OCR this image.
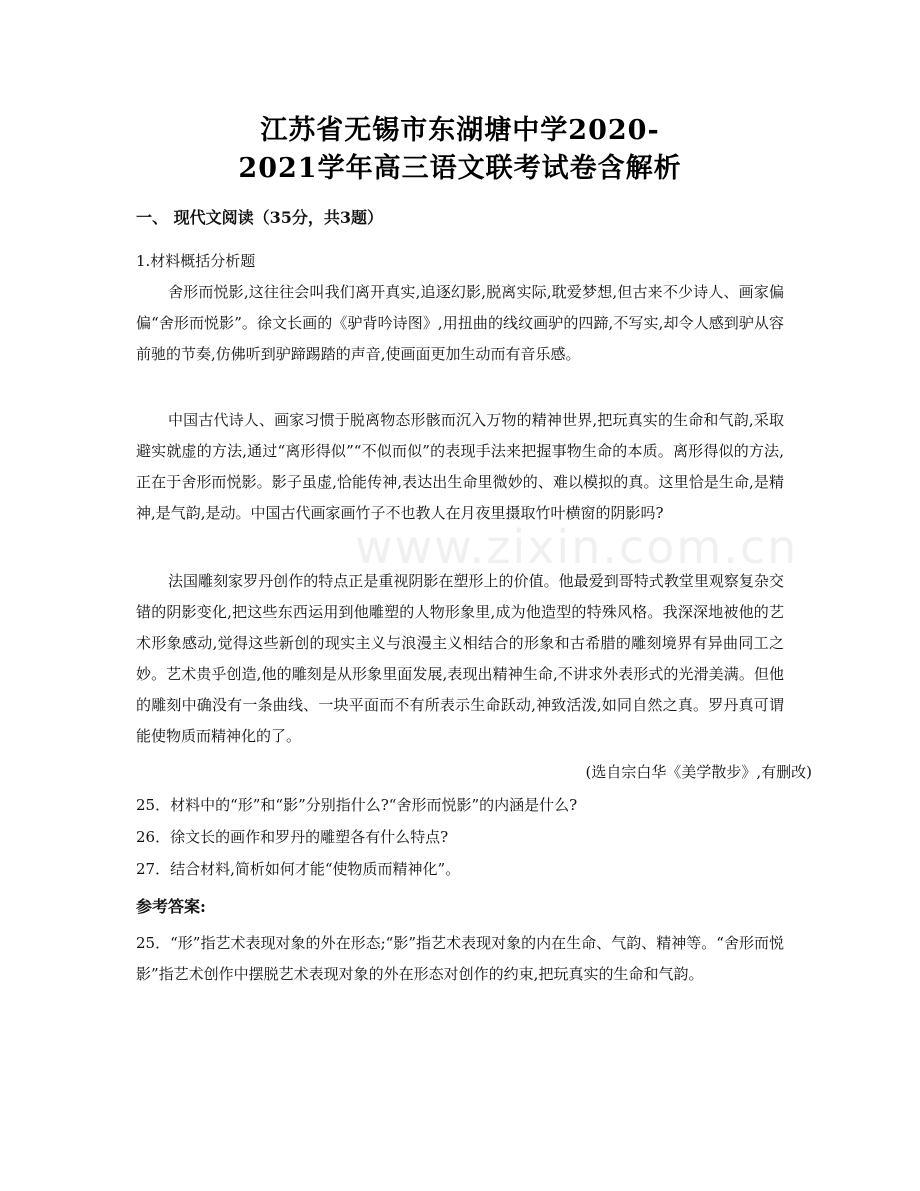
www.zixin.com.cn
江苏省无锡市东湖塘中学2020-
2021学年高三语文联考试卷含解析
一、 现代文阅读（35分，共3题）
1.材料概括分析题

舍形而悦影,这往往会叫我们离开真实,追逐幻影,脱离实际,耽爱梦想,但古来不少诗人、画家偏偏“舍形而悦影”。徐文长画的《驴背吟诗图》,用扭曲的线纹画驴的四蹄,不写实,却令人感到驴从容前驰的节奏,仿佛听到驴蹄踢踏的声音,使画面更加生动而有音乐感。

中国古代诗人、画家习惯于脱离物态形骸而沉入万物的精神世界,把玩真实的生命和气韵,采取避实就虚的方法,通过“离形得似”“不似而似”的表现手法来把握事物生命的本质。离形得似的方法,正在于舍形而悦影。影子虽虚,恰能传神,表达出生命里微妙的、难以模拟的真。这里恰是生命,是精神,是气韵,是动。中国古代画家画竹子不也教人在月夜里摄取竹叶横窗的阴影吗?

法国雕刻家罗丹创作的特点正是重视阴影在塑形上的价值。他最爱到哥特式教堂里观察复杂交错的阴影变化,把这些东西运用到他雕塑的人物形象里,成为他造型的特殊风格。我深深地被他的艺术形象感动,觉得这些新创的现实主义与浪漫主义相结合的形象和古希腊的雕刻境界有异曲同工之妙。艺术贵乎创造,他的雕刻是从形象里面发展,表现出精神生命,不讲求外表形式的光滑美满。但他的雕刻中确没有一条曲线、一块平面而不有所表示生命跃动,神致活泼,如同自然之真。罗丹真可谓能使物质而精神化的了。

(选自宗白华《美学散步》,有删改)
25．材料中的“形”和“影”分别指什么?“舍形而悦影”的内涵是什么?
26．徐文长的画作和罗丹的雕塑各有什么特点?
27．结合材料,简析如何才能“使物质而精神化”。
参考答案:

25．“形”指艺术表现对象的外在形态;“影”指艺术表现对象的内在生命、气韵、精神等。“舍形而悦影”指艺术创作中摆脱艺术表现对象的外在形态对创作的约束,把玩真实的生命和气韵。
